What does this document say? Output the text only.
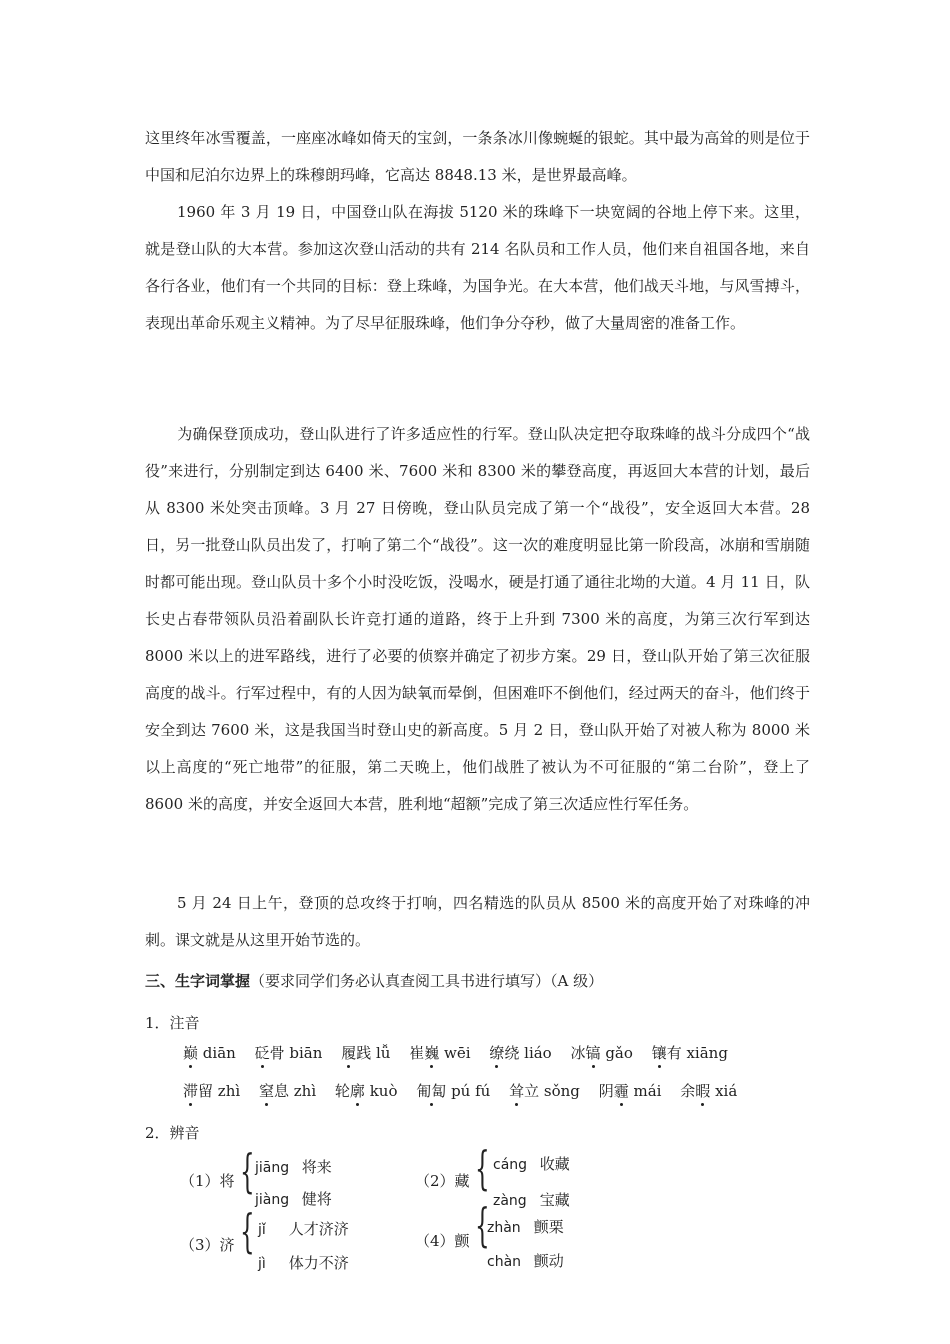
这里终年冰雪覆盖，一座座冰峰如倚天的宝剑，一条条冰川像蜿蜒的银蛇。其中最为高耸的则是位于中国和尼泊尔边界上的珠穆朗玛峰，它高达 8848.13 米，是世界最高峰。

1960 年 3 月 19 日，中国登山队在海拔 5120 米的珠峰下一块宽阔的谷地上停下来。这里，就是登山队的大本营。参加这次登山活动的共有 214 名队员和工作人员，他们来自祖国各地，来自各行各业，他们有一个共同的目标：登上珠峰，为国争光。在大本营，他们战天斗地，与风雪搏斗，表现出革命乐观主义精神。为了尽早征服珠峰，他们争分夺秒，做了大量周密的准备工作。

为确保登顶成功，登山队进行了许多适应性的行军。登山队决定把夺取珠峰的战斗分成四个“战役”来进行，分别制定到达 6400 米、7600 米和 8300 米的攀登高度，再返回大本营的计划，最后从 8300 米处突击顶峰。3 月 27 日傍晚，登山队员完成了第一个“战役”，安全返回大本营。28 日，另一批登山队员出发了，打响了第二个“战役”。这一次的难度明显比第一阶段高，冰崩和雪崩随时都可能出现。登山队员十多个小时没吃饭，没喝水，硬是打通了通往北坳的大道。4 月 11 日，队长史占春带领队员沿着副队长许竞打通的道路，终于上升到 7300 米的高度，为第三次行军到达 8000 米以上的进军路线，进行了必要的侦察并确定了初步方案。29 日，登山队开始了第三次征服高度的战斗。行军过程中，有的人因为缺氧而晕倒，但困难吓不倒他们，经过两天的奋斗，他们终于安全到达 7600 米，这是我国当时登山史的新高度。5 月 2 日，登山队开始了对被人称为 8000 米以上高度的“死亡地带”的征服，第二天晚上，他们战胜了被认为不可征服的“第二台阶”，登上了 8600 米的高度，并安全返回大本营，胜利地“超额”完成了第三次适应性行军任务。

5 月 24 日上午，登顶的总攻终于打响，四名精选的队员从 8500 米的高度开始了对珠峰的冲刺。课文就是从这里开始节选的。

三、生字词掌握（要求同学们务必认真查阅工具书进行填写）（A 级）

1．注音

巅 diān 砭骨 biān 履践 lǚ 崔巍 wēi 缭绕 liáo 冰镐 gǎo 镶有 xiāng
滞留 zhì 窒息 zhì 轮廓 kuò 匍匐 pú fú 耸立 sǒng 阴霾 mái 余暇 xiá

2．辨音

（1）将 { jiāng 将来
jiàng 健将
（2）藏 { cáng 收藏
zàng 宝藏
（3）济 { jǐ 人才济济
jì 体力不济
（4）颤 {
zhàn 颤栗
chàn 颤动
